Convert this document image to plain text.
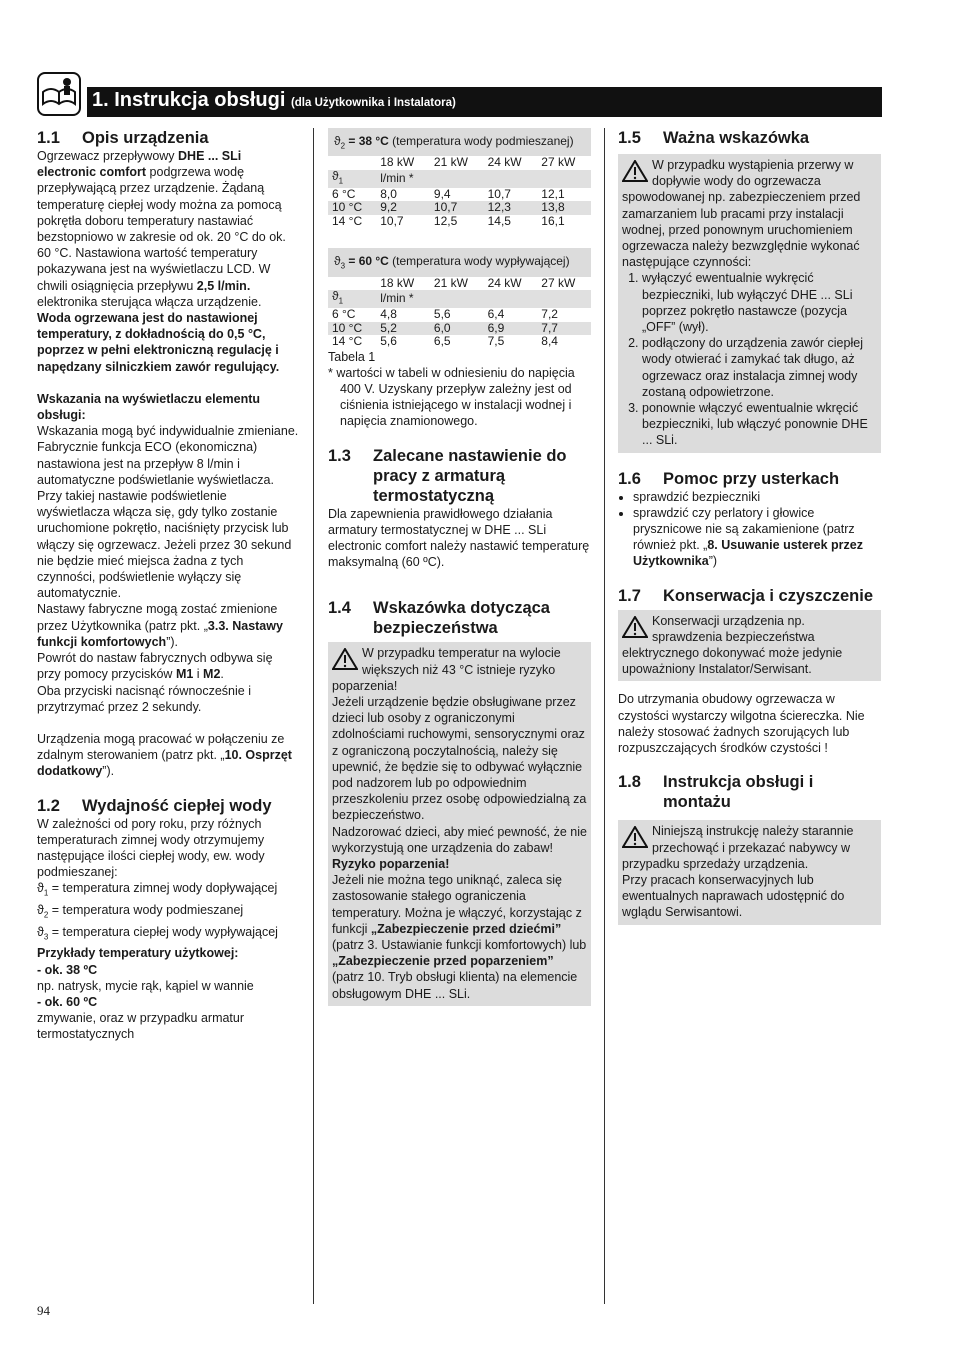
1. Instrukcja obsługi (dla Użytkownika i Instalatora)
1.1	Opis urządzenia

Ogrzewacz przepływowy DHE ... SLi electronic comfort podgrzewa wodę przepływającą przez urządzenie. Żądaną temperaturę ciepłej wody można za pomocą pokrętła doboru temperatury nastawiać bezstopniowo w zakresie od ok. 20 °C do ok. 60 °C. Nastawiona wartość temperatury pokazywana jest na wyświetlaczu LCD. W chwili osiągnięcia przepływu 2,5 l/min. elektronika sterująca włącza urządzenie.

Woda ogrzewana jest do nastawionej temperatury, z dokładnością do 0,5 °C, poprzez w pełni elektroniczną regulację i napędzany silniczkiem zawór regulujący.

Wskazania na wyświetlaczu elementu obsługi:

Wskazania mogą być indywidualnie zmieniane.

Fabrycznie funkcja ECO (ekonomiczna) nastawiona jest na przepływ 8 l/min i automatyczne podświetlanie wyświetlacza. Przy takiej nastawie podświetlenie wyświetlacza włącza się, gdy tylko zostanie uruchomione pokrętło, naciśnięty przycisk lub włączy się ogrzewacz. Jeżeli przez 30 sekund nie będzie mieć miejsca żadna z tych czynności, podświetlenie wyłączy się automatycznie.

Nastawy fabryczne mogą zostać zmienione przez Użytkownika (patrz pkt. „3.3. Nastawy funkcji komfortowych”).

Powrót do nastaw fabrycznych odbywa się przy pomocy przycisków M1 i M2.

Oba przyciski nacisnąć równocześnie i przytrzymać przez 2 sekundy.

Urządzenia mogą pracować w połączeniu ze zdalnym sterowaniem (patrz pkt. „10. Osprzęt dodatkowy”).

1.2	Wydajność ciepłej wody

W zależności od pory roku, przy różnych temperaturach zimnej wody otrzymujemy następujące ilości ciepłej wody, ew. wody podmieszanej:

$ϑ_1$ = temperatura zimnej wody dopływającej

$ϑ_2$ = temperatura wody podmieszanej

$ϑ_3$ = temperatura ciepłej wody wypływającej

Przykłady temperatury użytkowej:

- ok. 38 ºC

np. natrysk, mycie rąk, kąpiel w wannie

- ok. 60 ºC

zmywanie, oraz w przypadku armatur termostatycznych

$ϑ_2 = 38$ °C (temperatura wody podmieszanej)
	18 kW	21 kW	24 kW	27 kW
$ϑ_1$	l/min *			
6 °C	8,0	9,4	10,7	12,1
10 °C	9,2	10,7	12,3	13,8
14 °C	10,7	12,5	14,5	16,1
$ϑ_3 = 60$ °C (temperatura wody wypływającej)
	18 kW	21 kW	24 kW	27 kW
$ϑ_1$	l/min *			
6 °C	4,8	5,6	6,4	7,2
10 °C	5,2	6,0	6,9	7,7
14 °C	5,6	6,5	7,5	8,4

Tabela 1

* wartości w tabeli w odniesieniu do napięcia 400 V. Uzyskany przepływ zależny jest od ciśnienia istniejącego w instalacji wodnej i napięcia znamionowego.

1.3	Zalecane nastawienie do pracy z armaturą termostatyczną

Dla zapewnienia prawidłowego działania armatury termostatycznej w DHE ... SLi electronic comfort należy nastawić temperaturę maksymalną (60 ºC).

1.4	Wskazówka dotycząca bezpieczeństwa

W przypadku temperatur na wylocie większych niż 43 °C istnieje ryzyko poparzenia!

Jeżeli urządzenie będzie obsługiwane przez dzieci lub osoby z ograniczonymi zdolnościami ruchowymi, sensorycznymi oraz z ograniczoną poczytalnością, należy się upewnić, że będzie się to odbywać wyłącznie pod nadzorem lub po odpowiednim przeszkoleniu przez osobę odpowiedzialną za bezpieczeństwo.

Nadzorować dzieci, aby mieć pewność, że nie wykorzystują one urządzenia do zabaw! Ryzyko poparzenia!

Jeżeli nie można tego uniknąć, zaleca się zastosowanie stałego ograniczenia temperatury. Można je włączyć, korzystając z funkcji „Zabezpieczenie przed dziećmi” (patrz 3. Ustawianie funkcji komfortowych) lub „Zabezpieczenie przed poparzeniem” (patrz 10. Tryb obsługi klienta) na elemencie obsługowym DHE ... SLi.

1.5	Ważna wskazówka

W przypadku wystąpienia przerwy w dopływie wody do ogrzewacza spowodowanej np. zabezpieczeniem przed zamarzaniem lub pracami przy instalacji wodnej, przed ponownym uruchomieniem ogrzewacza należy bezwzględnie wykonać następujące czynności:

1. wyłączyć ewentualnie wykręcić bezpieczniki, lub wyłączyć DHE ... SLi poprzez pokrętło nastawcze (pozycja „OFF” (wył).
2. podłączony do urządzenia zawór ciepłej wody otwierać i zamykać tak długo, aż ogrzewacz oraz instalacja zimnej wody zostaną odpowietrzone.
3. ponownie włączyć ewentualnie wkręcić bezpieczniki, lub włączyć ponownie DHE ... SLi.
1.6	Pomoc przy usterkach
• sprawdzić bezpieczniki
• sprawdzić czy perlatory i głowice prysznicowe nie są zakamienione (patrz również pkt. „8. Usuwanie usterek przez Użytkownika”)
1.7	Konserwacja i czyszczenie

Konserwacji urządzenia np. sprawdzenia bezpieczeństwa elektrycznego dokonywać może jedynie upoważniony Instalator/Serwisant.

Do utrzymania obudowy ogrzewacza w czystości wystarczy wilgotna ściereczka. Nie należy stosować żadnych szorujących lub rozpuszczających środków czystości !

1.8	Instrukcja obsługi i montażu

Niniejszą instrukcję należy starannie przechowąć i przekazać nabywcy w przypadku sprzedaży urządzenia.

Przy pracach konserwacyjnych lub ewentualnych naprawach udostępnić do wglądu Serwisantowi.

94
